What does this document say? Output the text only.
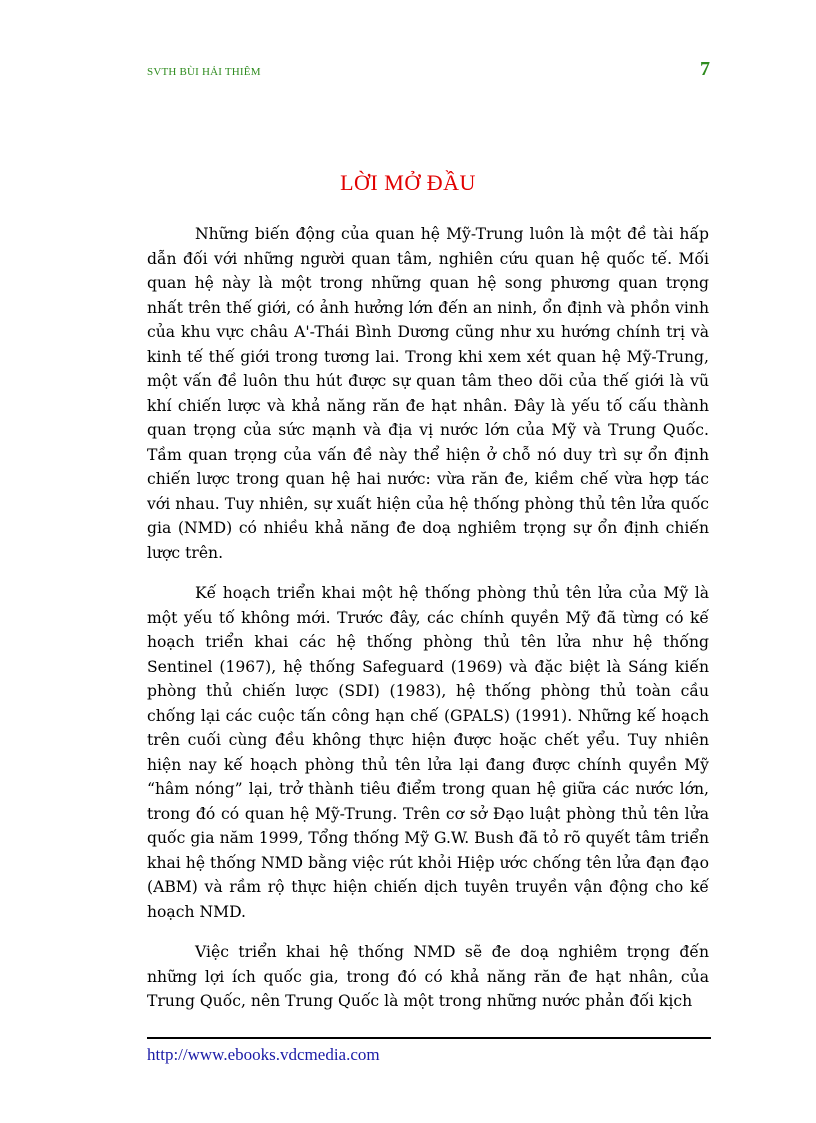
SVTH BÙI HẢI THIÊM	7
LỜI MỞ ĐẦU

Những biến động của quan hệ Mỹ-Trung luôn là một đề tài hấp dẫn đối với những người quan tâm, nghiên cứu quan hệ quốc tế. Mối quan hệ này là một trong những quan hệ song phương quan trọng nhất trên thế giới, có ảnh hưởng lớn đến an ninh, ổn định và phồn vinh của khu vực châu A'-Thái Bình Dương cũng như xu hướng chính trị và kinh tế thế giới trong tương lai. Trong khi xem xét quan hệ Mỹ-Trung, một vấn đề luôn thu hút được sự quan tâm theo dõi của thế giới là vũ khí chiến lược và khả năng răn đe hạt nhân. Đây là yếu tố cấu thành quan trọng của sức mạnh và địa vị nước lớn của Mỹ và Trung Quốc. Tầm quan trọng của vấn đề này thể hiện ở chỗ nó duy trì sự ổn định chiến lược trong quan hệ hai nước: vừa răn đe, kiềm chế vừa hợp tác với nhau. Tuy nhiên, sự xuất hiện của hệ thống phòng thủ tên lửa quốc gia (NMD) có nhiều khả năng đe doạ nghiêm trọng sự ổn định chiến lược trên.

Kế hoạch triển khai một hệ thống phòng thủ tên lửa của Mỹ là một yếu tố không mới. Trước đây, các chính quyền Mỹ đã từng có kế hoạch triển khai các hệ thống phòng thủ tên lửa như hệ thống Sentinel (1967), hệ thống Safeguard (1969) và đặc biệt là Sáng kiến phòng thủ chiến lược (SDI) (1983), hệ thống phòng thủ toàn cầu chống lại các cuộc tấn công hạn chế (GPALS) (1991). Những kế hoạch trên cuối cùng đều không thực hiện được hoặc chết yểu. Tuy nhiên hiện nay kế hoạch phòng thủ tên lửa lại đang được chính quyền Mỹ “hâm nóng” lại, trở thành tiêu điểm trong quan hệ giữa các nước lớn, trong đó có quan hệ Mỹ-Trung. Trên cơ sở Đạo luật phòng thủ tên lửa quốc gia năm 1999, Tổng thống Mỹ G.W. Bush đã tỏ rõ quyết tâm triển khai hệ thống NMD bằng việc rút khỏi Hiệp ước chống tên lửa đạn đạo (ABM) và rầm rộ thực hiện chiến dịch tuyên truyền vận động cho kế hoạch NMD.

Việc triển khai hệ thống NMD sẽ đe doạ nghiêm trọng đến những lợi ích quốc gia, trong đó có khả năng răn đe hạt nhân, của Trung Quốc, nên Trung Quốc là một trong những nước phản đối kịch

http://www.ebooks.vdcmedia.com
